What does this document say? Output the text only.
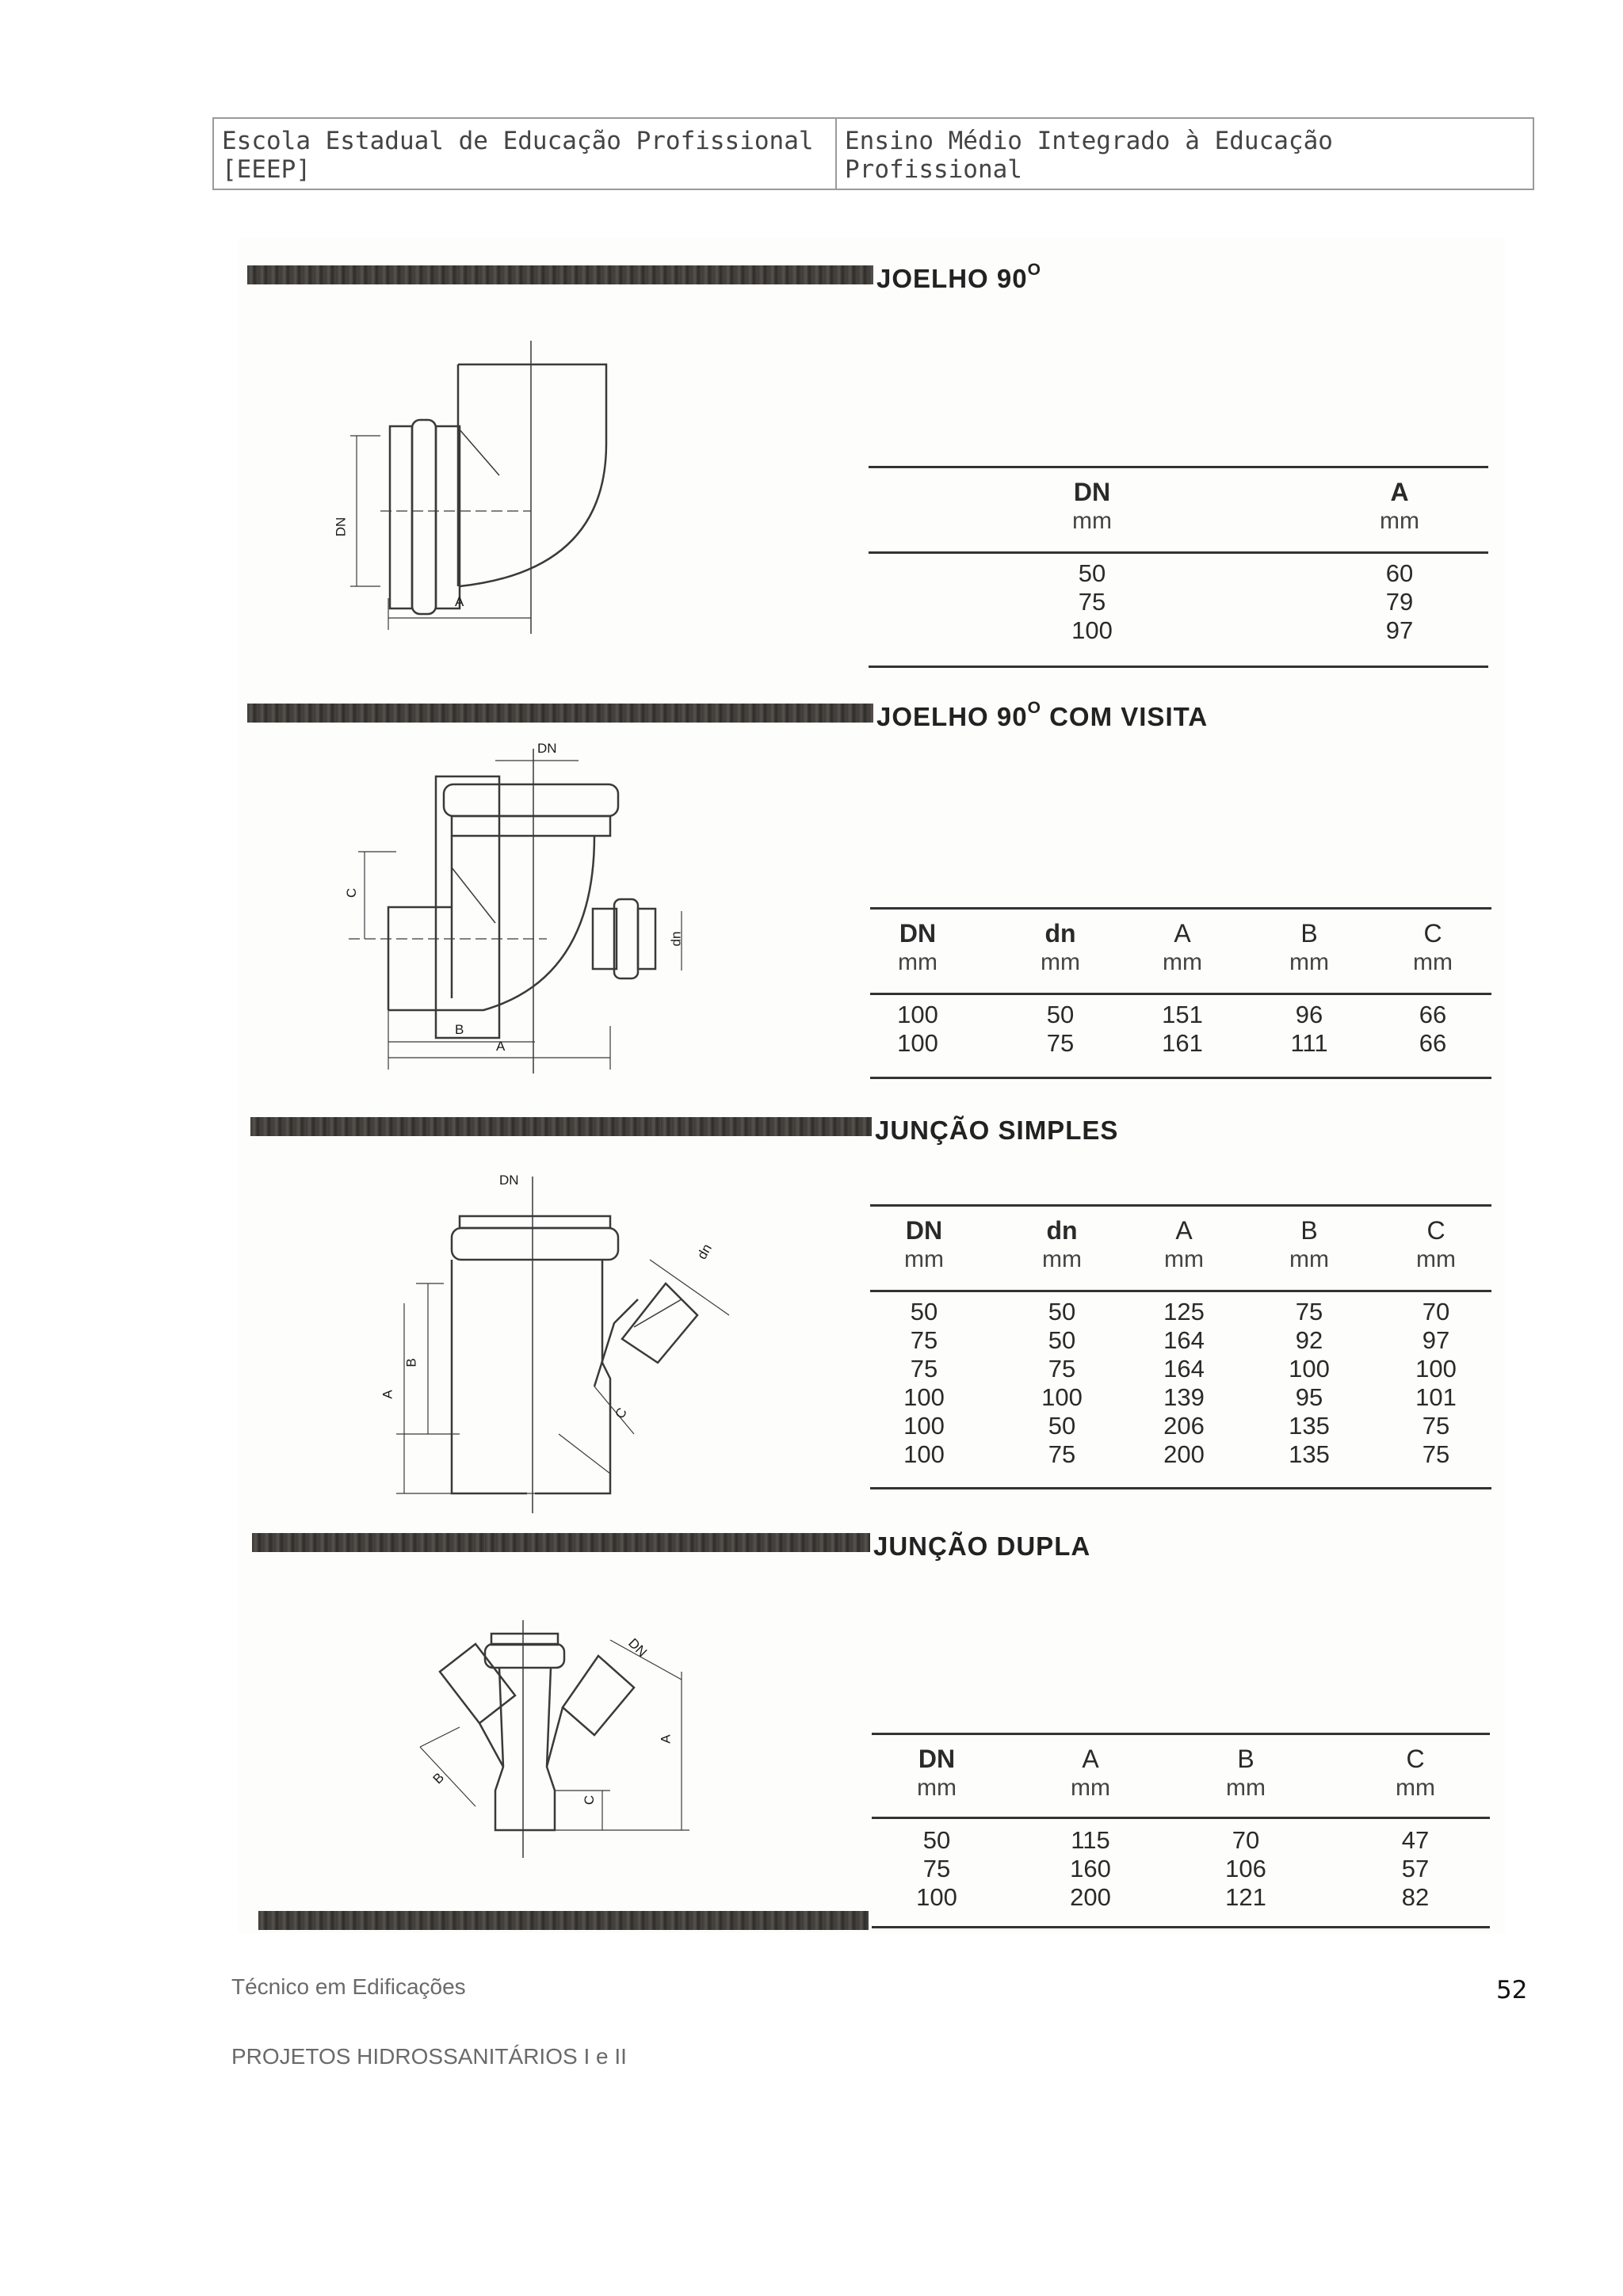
Escola Estadual de Educação Profissional [EEEP]
Ensino Médio Integrado à Educação Profissional
JOELHO $90^O$
DN
A
DN
mm
50
75
100
A
mm
60
79
97
JOELHO $90^O$ COM VISITA
DN
C
dn
B
A
DN
mm
100
100
dn
mm
50
75
A
mm
151
161
B
mm
96
111
C
mm
66
66
JUNÇÃO SIMPLES
DN
dn
B
A
C
DN
mm
50
75
75
100
100
100
dn
mm
50
50
75
100
50
75
A
mm
125
164
164
139
206
200
B
mm
75
92
100
95
135
135
C
mm
70
97
100
101
75
75
JUNÇÃO DUPLA
DN
A
B
C
DN
mm
50
75
100
A
mm
115
160
200
B
mm
70
106
121
C
mm
47
57
82
Técnico em Edificações	52
PROJETOS HIDROSSANITÁRIOS I e II
